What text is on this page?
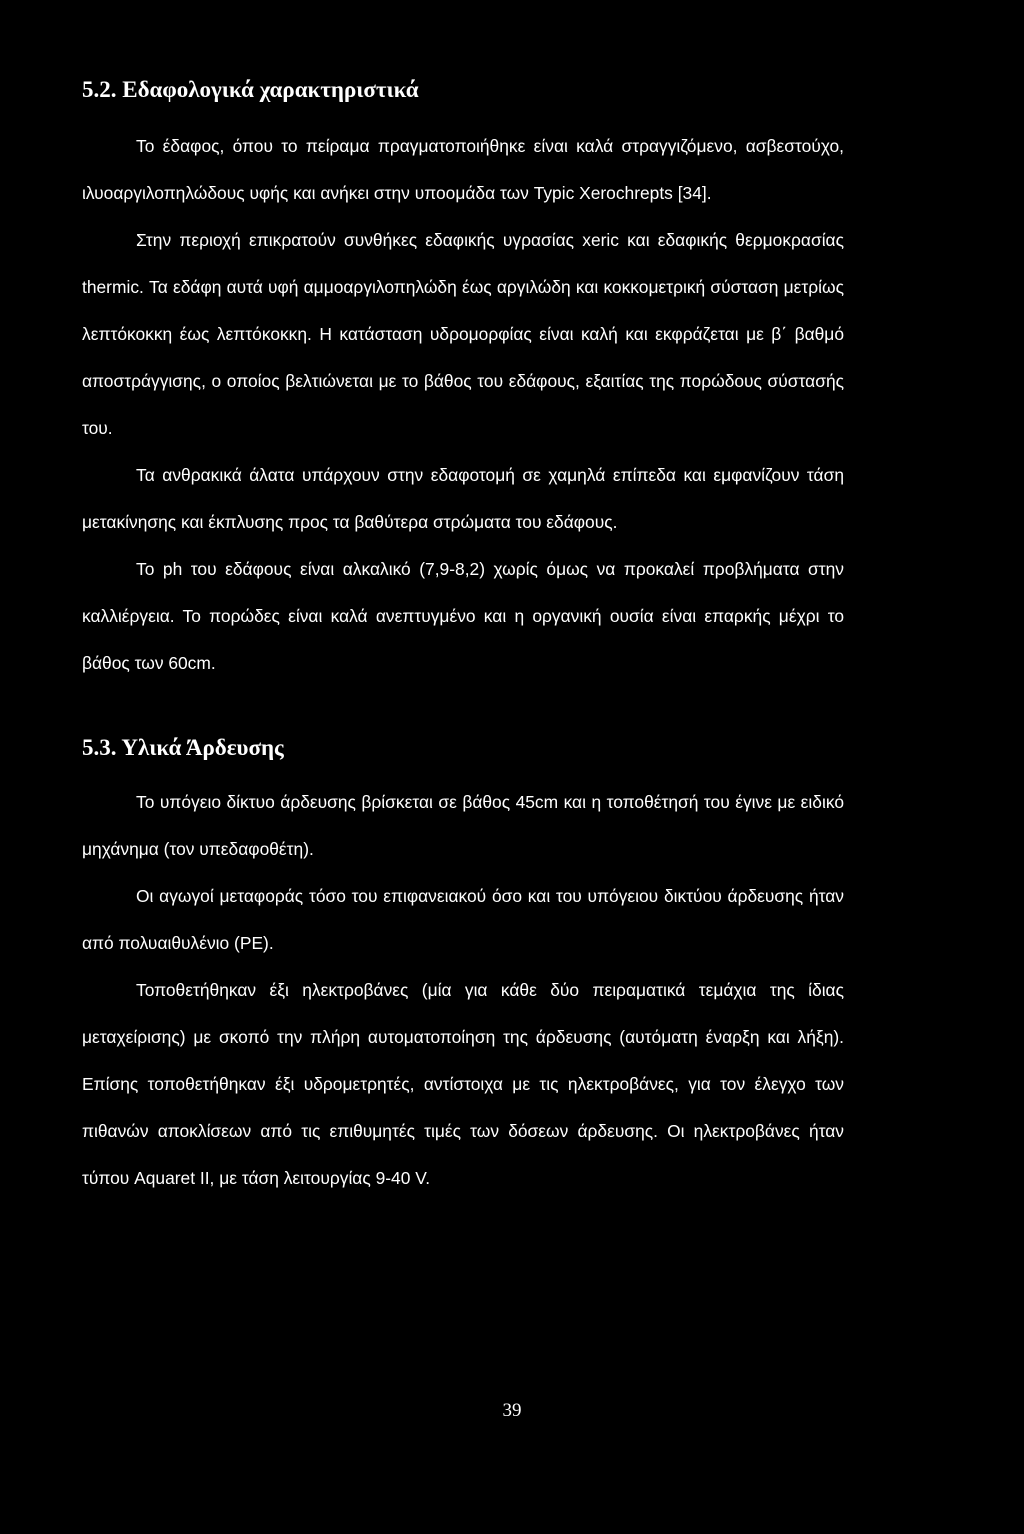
5.2. Εδαφολογικά χαρακτηριστικά

Το έδαφος, όπου το πείραμα πραγματοποιήθηκε είναι καλά στραγγιζόμενο, ασβεστούχο, ιλυοαργιλοπηλώδους υφής και ανήκει στην υποομάδα των Typic Xerochrepts [34].

Στην περιοχή επικρατούν συνθήκες εδαφικής υγρασίας xeric και εδαφικής θερμοκρασίας thermic. Τα εδάφη αυτά υφή αμμοαργιλοπηλώδη έως αργιλώδη και κοκκομετρική σύσταση μετρίως λεπτόκοκκη έως λεπτόκοκκη. Η κατάσταση υδρομορφίας είναι καλή και εκφράζεται με β΄ βαθμό αποστράγγισης, ο οποίος βελτιώνεται με το βάθος του εδάφους, εξαιτίας της πορώδους σύστασής του.

Τα ανθρακικά άλατα υπάρχουν στην εδαφοτομή σε χαμηλά επίπεδα και εμφανίζουν τάση μετακίνησης και έκπλυσης προς τα βαθύτερα στρώματα του εδάφους.

Το ph του εδάφους είναι αλκαλικό (7,9-8,2) χωρίς όμως να προκαλεί προβλήματα στην καλλιέργεια. Το πορώδες είναι καλά ανεπτυγμένο και η οργανική ουσία είναι επαρκής μέχρι το βάθος των 60cm.

5.3. Υλικά Άρδευσης

Το υπόγειο δίκτυο άρδευσης βρίσκεται σε βάθος 45cm και η τοποθέτησή του έγινε με ειδικό μηχάνημα (τον υπεδαφοθέτη).

Οι αγωγοί μεταφοράς τόσο του επιφανειακού όσο και του υπόγειου δικτύου άρδευσης ήταν από πολυαιθυλένιο (PE).

Τοποθετήθηκαν έξι ηλεκτροβάνες (μία για κάθε δύο πειραματικά τεμάχια της ίδιας μεταχείρισης) με σκοπό την πλήρη αυτοματοποίηση της άρδευσης (αυτόματη έναρξη και λήξη). Επίσης τοποθετήθηκαν έξι υδρομετρητές, αντίστοιχα με τις ηλεκτροβάνες, για τον έλεγχο των πιθανών αποκλίσεων από τις επιθυμητές τιμές των δόσεων άρδευσης. Οι ηλεκτροβάνες ήταν τύπου Aquaret II, με τάση λειτουργίας 9-40 V.

39
